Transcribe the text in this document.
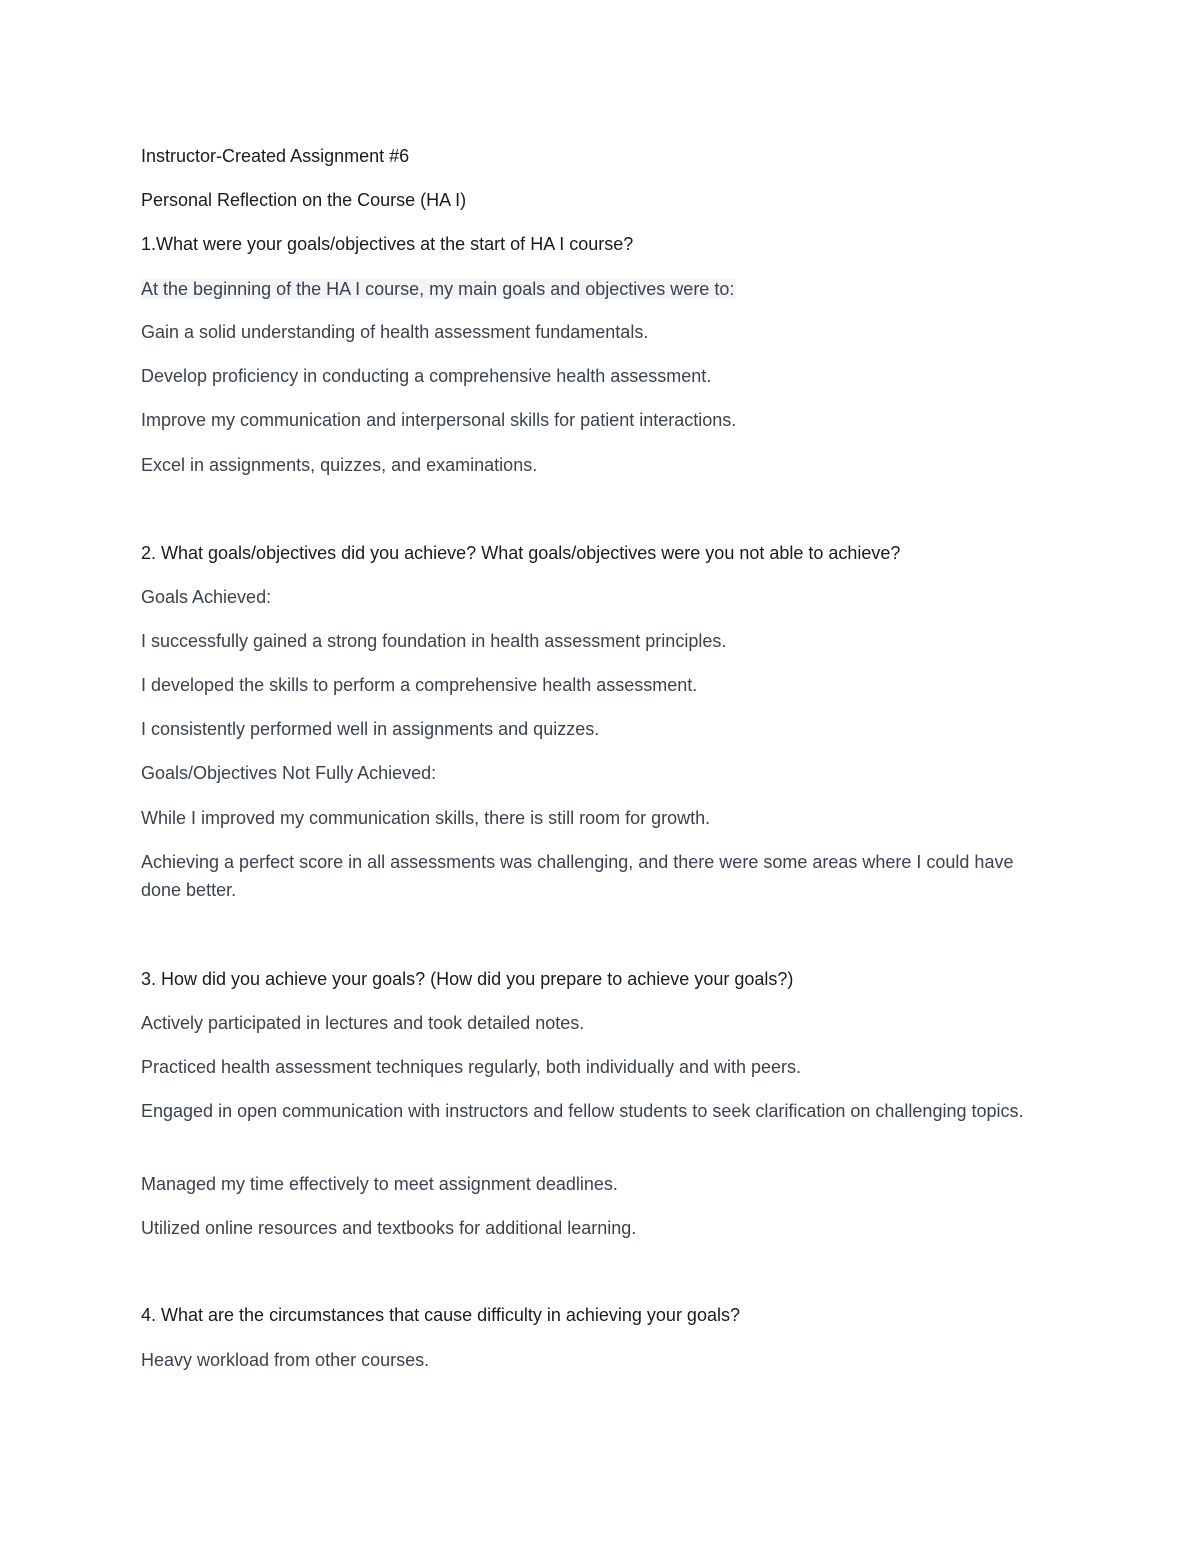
Instructor-Created Assignment #6
Personal Reflection on the Course (HA I)
1.What were your goals/objectives at the start of HA I course?
At the beginning of the HA I course, my main goals and objectives were to:
Gain a solid understanding of health assessment fundamentals.
Develop proficiency in conducting a comprehensive health assessment.
Improve my communication and interpersonal skills for patient interactions.
Excel in assignments, quizzes, and examinations.
2. What goals/objectives did you achieve? What goals/objectives were you not able to achieve?
Goals Achieved:
I successfully gained a strong foundation in health assessment principles.
I developed the skills to perform a comprehensive health assessment.
I consistently performed well in assignments and quizzes.
Goals/Objectives Not Fully Achieved:
While I improved my communication skills, there is still room for growth.
Achieving a perfect score in all assessments was challenging, and there were some areas where I could have done better.
3. How did you achieve your goals? (How did you prepare to achieve your goals?)
Actively participated in lectures and took detailed notes.
Practiced health assessment techniques regularly, both individually and with peers.
Engaged in open communication with instructors and fellow students to seek clarification on challenging topics.
Managed my time effectively to meet assignment deadlines.
Utilized online resources and textbooks for additional learning.
4. What are the circumstances that cause difficulty in achieving your goals?
Heavy workload from other courses.
